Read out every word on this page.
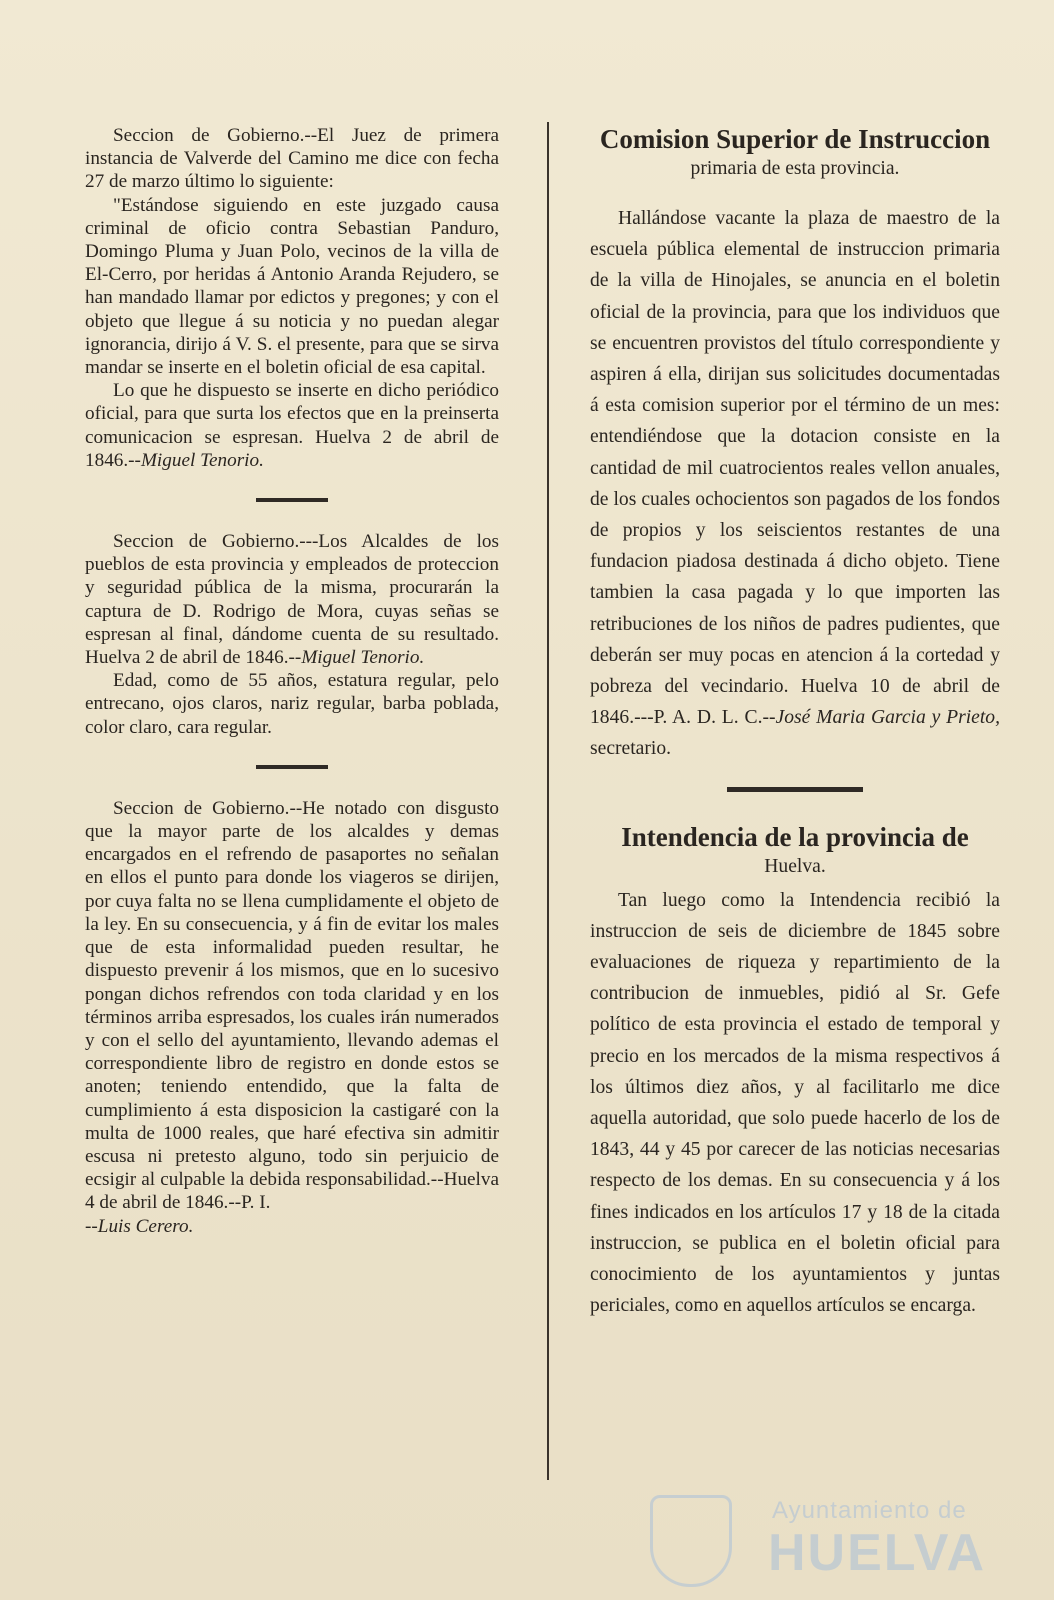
Seccion de Gobierno.--El Juez de primera instancia de Valverde del Camino me dice con fecha 27 de marzo último lo siguiente:

"Estándose siguiendo en este juzgado causa criminal de oficio contra Sebastian Panduro, Domingo Pluma y Juan Polo, vecinos de la villa de El-Cerro, por heridas á Antonio Aranda Rejudero, se han mandado llamar por edictos y pregones; y con el objeto que llegue á su noticia y no puedan alegar ignorancia, dirijo á V. S. el presente, para que se sirva mandar se inserte en el boletin oficial de esa capital.

Lo que he dispuesto se inserte en dicho periódico oficial, para que surta los efectos que en la preinserta comunicacion se espresan. Huelva 2 de abril de 1846.--Miguel Tenorio.

Seccion de Gobierno.---Los Alcaldes de los pueblos de esta provincia y empleados de proteccion y seguridad pública de la misma, procurarán la captura de D. Rodrigo de Mora, cuyas señas se espresan al final, dándome cuenta de su resultado. Huelva 2 de abril de 1846.--Miguel Tenorio.

Edad, como de 55 años, estatura regular, pelo entrecano, ojos claros, nariz regular, barba poblada, color claro, cara regular.

Seccion de Gobierno.--He notado con disgusto que la mayor parte de los alcaldes y demas encargados en el refrendo de pasaportes no señalan en ellos el punto para donde los viageros se dirijen, por cuya falta no se llena cumplidamente el objeto de la ley. En su consecuencia, y á fin de evitar los males que de esta informalidad pueden resultar, he dispuesto prevenir á los mismos, que en lo sucesivo pongan dichos refrendos con toda claridad y en los términos arriba espresados, los cuales irán numerados y con el sello del ayuntamiento, llevando ademas el correspondiente libro de registro en donde estos se anoten; teniendo entendido, que la falta de cumplimiento á esta disposicion la castigaré con la multa de 1000 reales, que haré efectiva sin admitir escusa ni pretesto alguno, todo sin perjuicio de ecsigir al culpable la debida responsabilidad.--Huelva 4 de abril de 1846.--P. I.
--Luis Cerero.

Comision Superior de Instruccion

primaria de esta provincia.

Hallándose vacante la plaza de maestro de la escuela pública elemental de instruccion primaria de la villa de Hinojales, se anuncia en el boletin oficial de la provincia, para que los individuos que se encuentren provistos del título correspondiente y aspiren á ella, dirijan sus solicitudes documentadas á esta comision superior por el término de un mes: entendiéndose que la dotacion consiste en la cantidad de mil cuatrocientos reales vellon anuales, de los cuales ochocientos son pagados de los fondos de propios y los seiscientos restantes de una fundacion piadosa destinada á dicho objeto. Tiene tambien la casa pagada y lo que importen las retribuciones de los niños de padres pudientes, que deberán ser muy pocas en atencion á la cortedad y pobreza del vecindario. Huelva 10 de abril de 1846.---P. A. D. L. C.--José Maria Garcia y Prieto, secretario.

Intendencia de la provincia de

Huelva.

Tan luego como la Intendencia recibió la instruccion de seis de diciembre de 1845 sobre evaluaciones de riqueza y repartimiento de la contribucion de inmuebles, pidió al Sr. Gefe político de esta provincia el estado de temporal y precio en los mercados de la misma respectivos á los últimos diez años, y al facilitarlo me dice aquella autoridad, que solo puede hacerlo de los de 1843, 44 y 45 por carecer de las noticias necesarias respecto de los demas. En su consecuencia y á los fines indicados en los artículos 17 y 18 de la citada instruccion, se publica en el boletin oficial para conocimiento de los ayuntamientos y juntas periciales, como en aquellos artículos se encarga.

Ayuntamiento de
HUELVA
